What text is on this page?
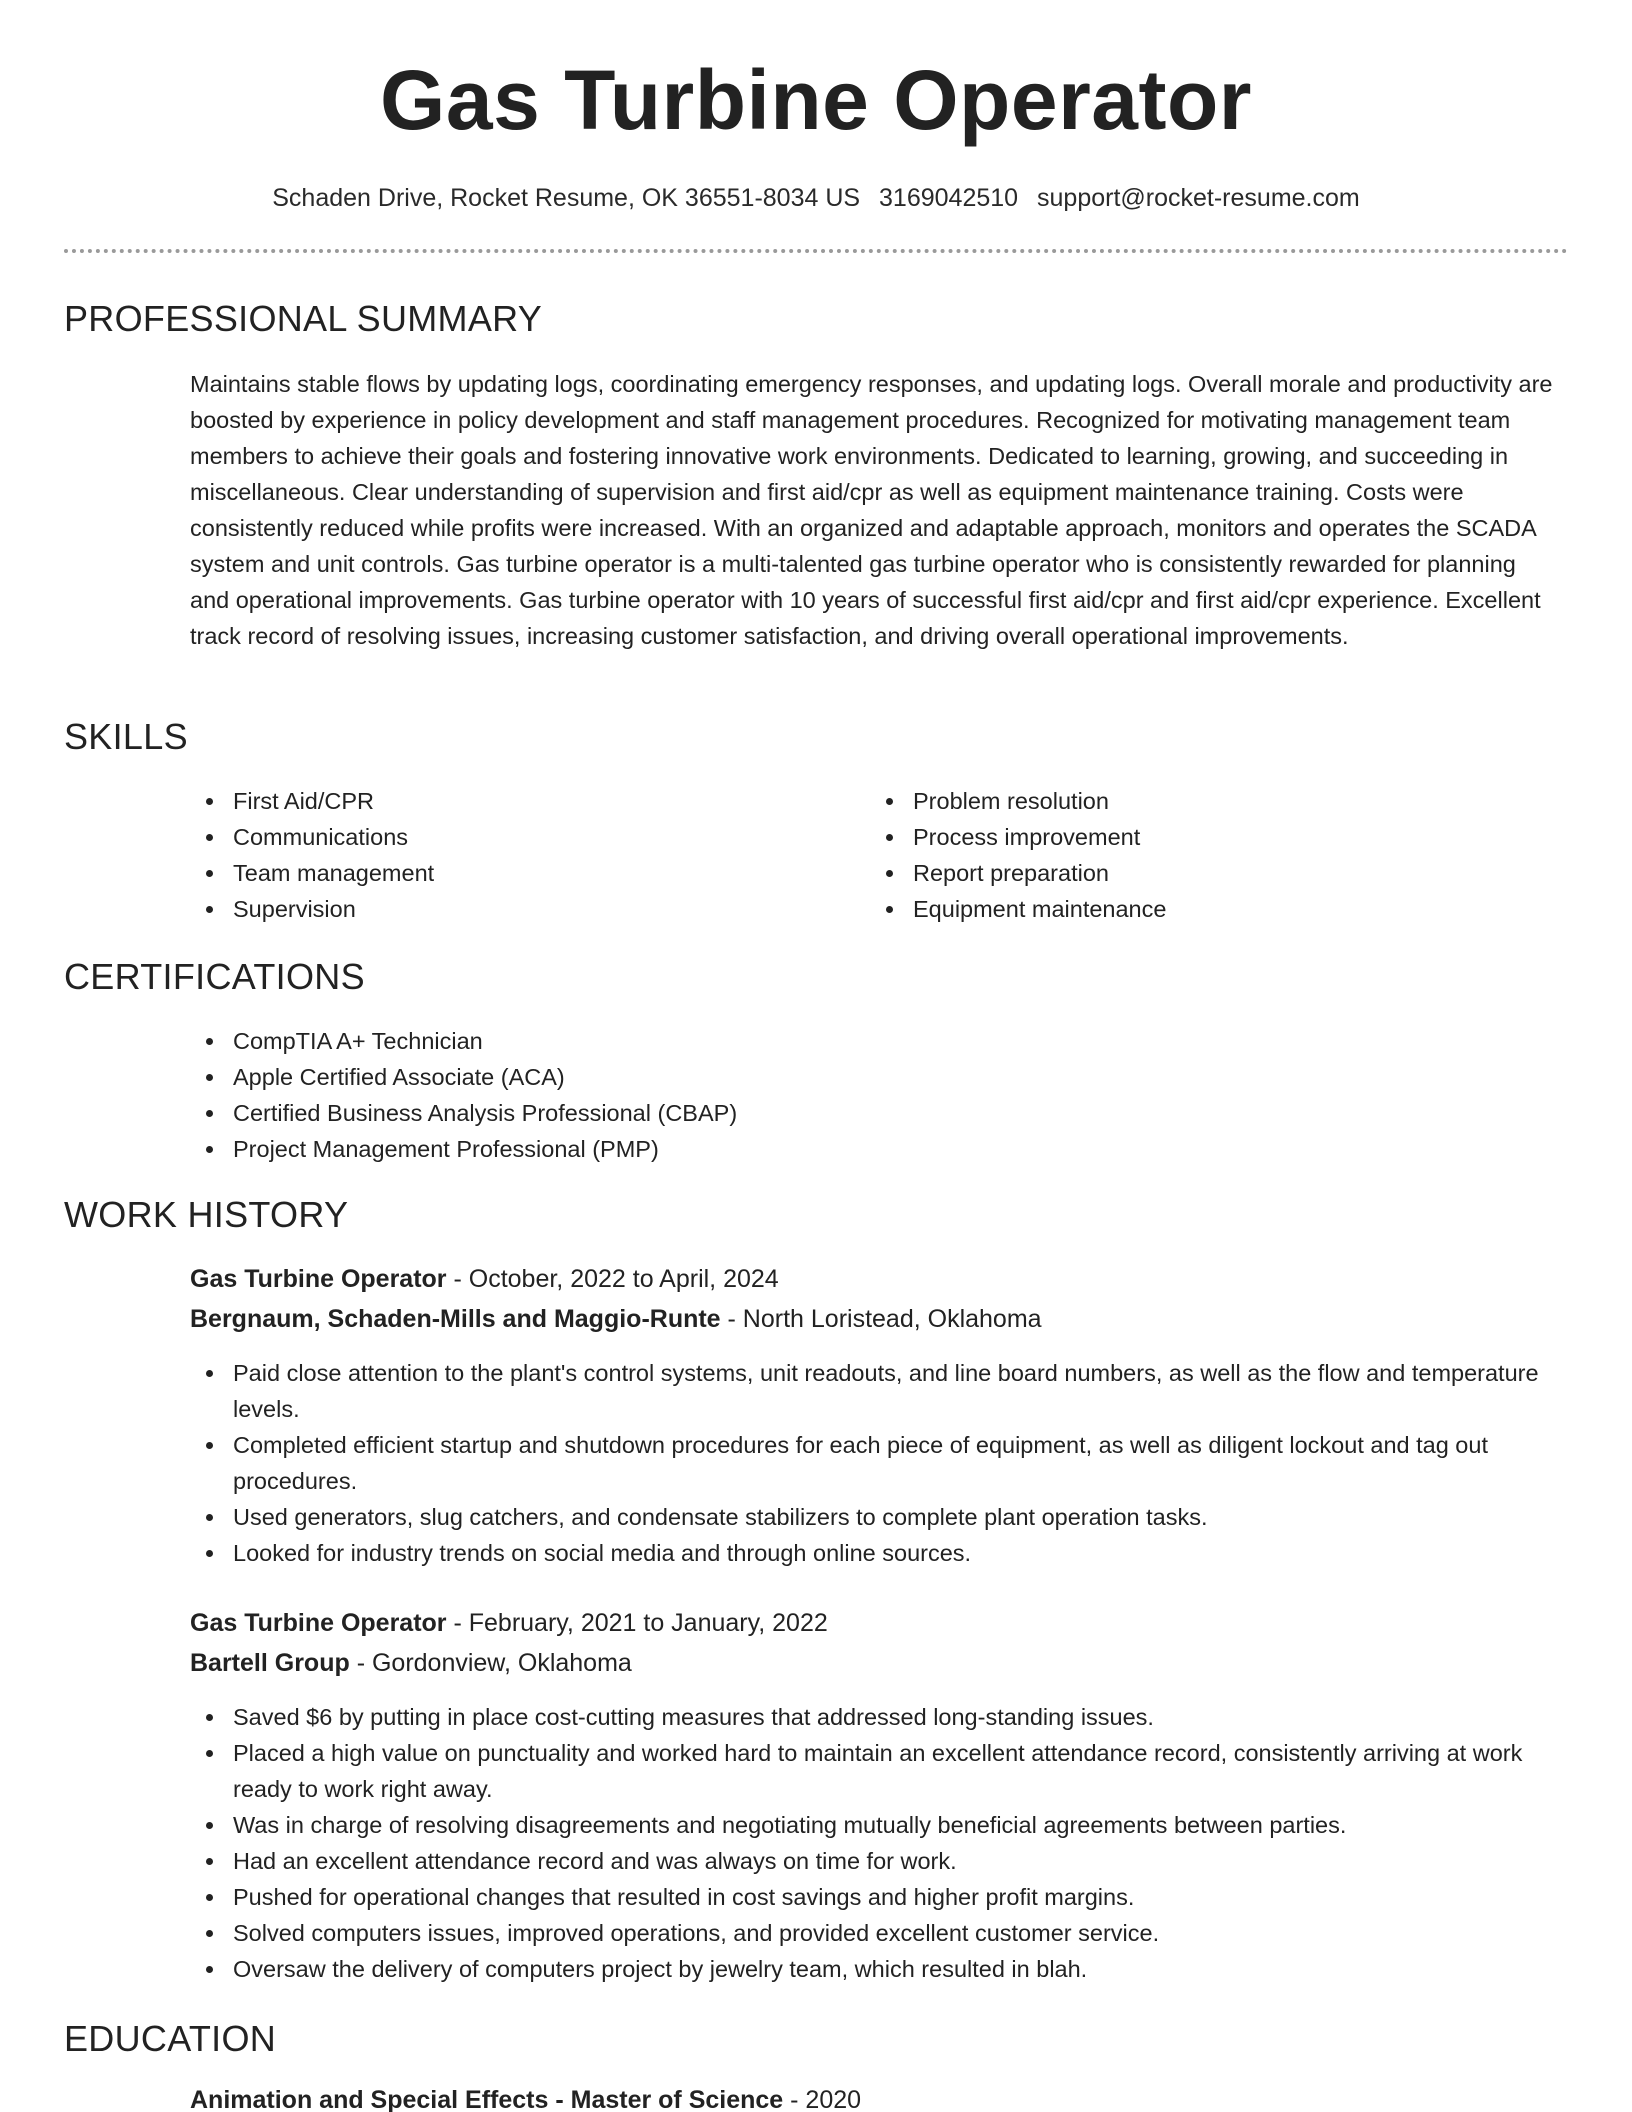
Gas Turbine Operator
Schaden Drive, Rocket Resume, OK 36551-8034 US 3169042510 support@rocket-resume.com
PROFESSIONAL SUMMARY
Maintains stable flows by updating logs, coordinating emergency responses, and updating logs. Overall morale and productivity are boosted by experience in policy development and staff management procedures. Recognized for motivating management team members to achieve their goals and fostering innovative work environments. Dedicated to learning, growing, and succeeding in miscellaneous. Clear understanding of supervision and first aid/cpr as well as equipment maintenance training. Costs were consistently reduced while profits were increased. With an organized and adaptable approach, monitors and operates the SCADA system and unit controls. Gas turbine operator is a multi-talented gas turbine operator who is consistently rewarded for planning and operational improvements. Gas turbine operator with 10 years of successful first aid/cpr and first aid/cpr experience. Excellent track record of resolving issues, increasing customer satisfaction, and driving overall operational improvements.
SKILLS
First Aid/CPR
Communications
Team management
Supervision
Problem resolution
Process improvement
Report preparation
Equipment maintenance
CERTIFICATIONS
CompTIA A+ Technician
Apple Certified Associate (ACA)
Certified Business Analysis Professional (CBAP)
Project Management Professional (PMP)
WORK HISTORY
Gas Turbine Operator - October, 2022 to April, 2024
Bergnaum, Schaden-Mills and Maggio-Runte - North Loristead, Oklahoma
Paid close attention to the plant's control systems, unit readouts, and line board numbers, as well as the flow and temperature levels.
Completed efficient startup and shutdown procedures for each piece of equipment, as well as diligent lockout and tag out procedures.
Used generators, slug catchers, and condensate stabilizers to complete plant operation tasks.
Looked for industry trends on social media and through online sources.
Gas Turbine Operator - February, 2021 to January, 2022
Bartell Group - Gordonview, Oklahoma
Saved $6 by putting in place cost-cutting measures that addressed long-standing issues.
Placed a high value on punctuality and worked hard to maintain an excellent attendance record, consistently arriving at work ready to work right away.
Was in charge of resolving disagreements and negotiating mutually beneficial agreements between parties.
Had an excellent attendance record and was always on time for work.
Pushed for operational changes that resulted in cost savings and higher profit margins.
Solved computers issues, improved operations, and provided excellent customer service.
Oversaw the delivery of computers project by jewelry team, which resulted in blah.
EDUCATION
Animation and Special Effects - Master of Science - 2020
